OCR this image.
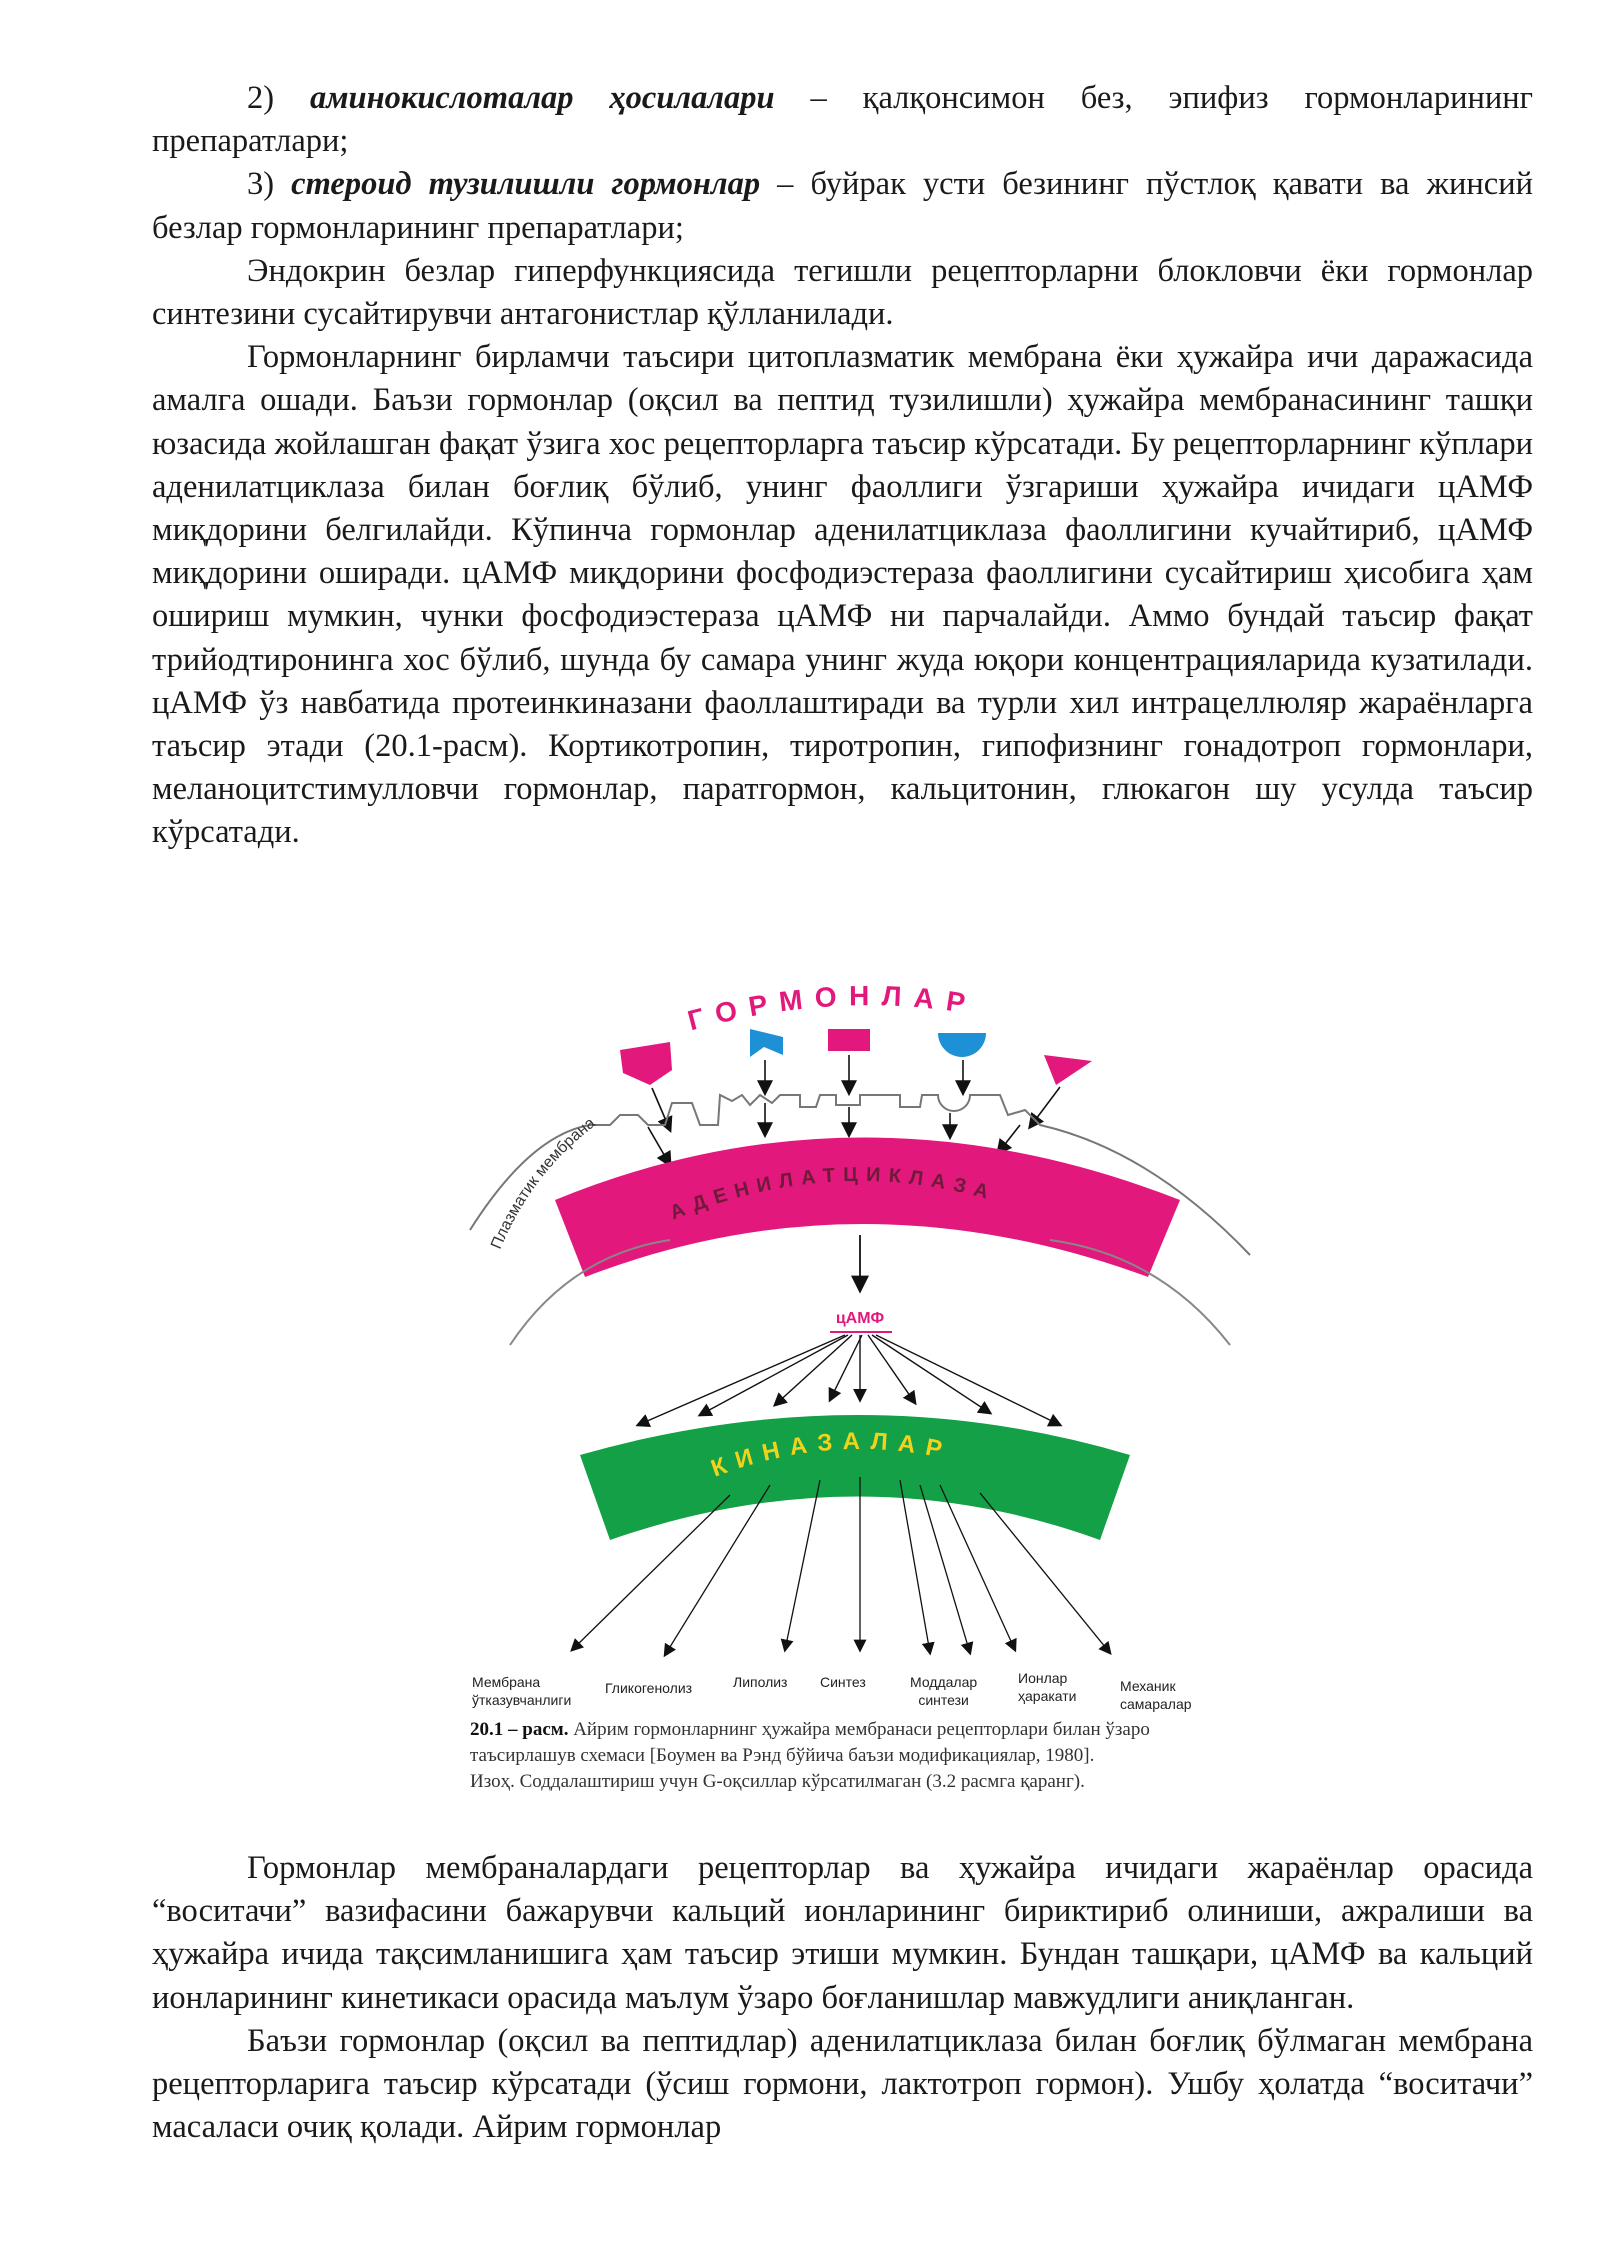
2) аминокислоталар ҳосилалари – қалқонсимон без, эпифиз гормонларининг препаратлари;

3) стероид тузилишли гормонлар – буйрак усти безининг пўстлоқ қавати ва жинсий безлар гормонларининг препаратлари;

Эндокрин безлар гиперфункциясида тегишли рецепторларни блокловчи ёки гормонлар синтезини сусайтирувчи антагонистлар қўлланилади.

Гормонларнинг бирламчи таъсири цитоплазматик мембрана ёки ҳужайра ичи даражасида амалга ошади. Баъзи гормонлар (оқсил ва пептид тузилишли) ҳужайра мембранасининг ташқи юзасида жойлашган фақат ўзига хос рецепторларга таъсир кўрсатади. Бу рецепторларнинг кўплари аденилатциклаза билан боғлиқ бўлиб, унинг фаоллиги ўзгариши ҳужайра ичидаги цАМФ миқдорини белгилайди. Кўпинча гормонлар аденилатциклаза фаоллигини кучайтириб, цАМФ миқдорини оширади. цАМФ миқдорини фосфодиэстераза фаоллигини сусайтириш ҳисобига ҳам ошириш мумкин, чунки фосфодиэстераза цАМФ ни парчалайди. Аммо бундай таъсир фақат трийодтиронинга хос бўлиб, шунда бу самара унинг жуда юқори концентрацияларида кузатилади. цАМФ ўз навбатида протеинкиназани фаоллаштиради ва турли хил интрацеллюляр жараёнларга таъсир этади (20.1-расм). Кортикотропин, тиротропин, гипофизнинг гонадотроп гормонлари, меланоцитстимулловчи гормонлар, паратгормон, кальцитонин, глюкагон шу усулда таъсир кўрсатади.

ГОРМОНЛАР
Плазматик мембрана
АДЕНИЛАТЦИКЛАЗА
цАМФ
КИНАЗАЛАР
Мембрана
ўтказувчанлиги
Гликогенолиз	Липолиз Синтез	Моддалар
синтези
Ионлар
ҳаракати
Механик
самаралар
20.1 – расм. Айрим гормонларнинг ҳужайра мембранаси рецепторлари билан ўзаро
таъсирлашув схемаси [Боумен ва Рэнд бўйича баъзи модификациялар, 1980].
Изоҳ. Соддалаштириш учун G-оқсиллар кўрсатилмаган (3.2 расмга қаранг).

Гормонлар мембраналардаги рецепторлар ва ҳужайра ичидаги жараёнлар орасида “воситачи” вазифасини бажарувчи кальций ионларининг бириктириб олиниши, ажралиши ва ҳужайра ичида тақсимланишига ҳам таъсир этиши мумкин. Бундан ташқари, цАМФ ва кальций ионларининг кинетикаси орасида маълум ўзаро боғланишлар мавжудлиги аниқланган.

Баъзи гормонлар (оқсил ва пептидлар) аденилатциклаза билан боғлиқ бўлмаган мембрана рецепторларига таъсир кўрсатади (ўсиш гормони, лактотроп гормон). Ушбу ҳолатда “воситачи” масаласи очиқ қолади. Айрим гормонлар
